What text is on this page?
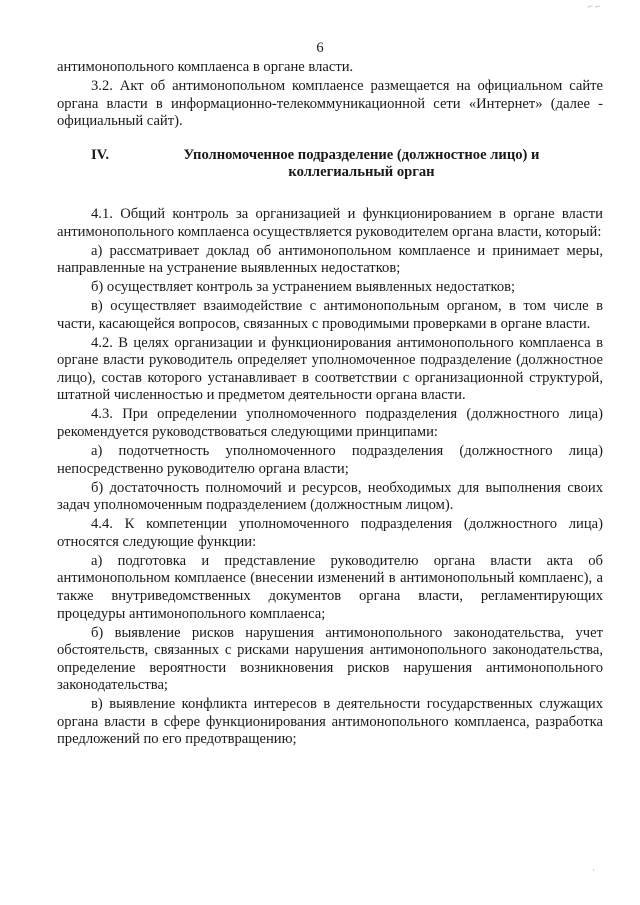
6

антимонопольного комплаенса в органе власти.

3.2. Акт об антимонопольном комплаенсе размещается на официальном сайте органа власти в информационно-телекоммуникационной сети «Интернет» (далее - официальный сайт).

IV.	Уполномоченное подразделение (должностное лицо) и коллегиальный орган

4.1. Общий контроль за организацией и функционированием в органе власти антимонопольного комплаенса осуществляется руководителем органа власти, который:

а) рассматривает доклад об антимонопольном комплаенсе и принимает меры, направленные на устранение выявленных недостатков;

б) осуществляет контроль за устранением выявленных недостатков;

в) осуществляет взаимодействие с антимонопольным органом, в том числе в части, касающейся вопросов, связанных с проводимыми проверками в органе власти.

4.2. В целях организации и функционирования антимонопольного комплаенса в органе власти руководитель определяет уполномоченное подразделение (должностное лицо), состав которого устанавливает в соответствии с организационной структурой, штатной численностью и предметом деятельности органа власти.

4.3. При определении уполномоченного подразделения (должностного лица) рекомендуется руководствоваться следующими принципами:

а) подотчетность уполномоченного подразделения (должностного лица) непосредственно руководителю органа власти;

б) достаточность полномочий и ресурсов, необходимых для выполнения своих задач уполномоченным подразделением (должностным лицом).

4.4. К компетенции уполномоченного подразделения (должностного лица) относятся следующие функции:

а) подготовка и представление руководителю органа власти акта об антимонопольном комплаенсе (внесении изменений в антимонопольный комплаенс), а также внутриведомственных документов органа власти, регламентирующих процедуры антимонопольного комплаенса;

б) выявление рисков нарушения антимонопольного законодательства, учет обстоятельств, связанных с рисками нарушения антимонопольного законодательства, определение вероятности возникновения рисков нарушения антимонопольного законодательства;

в) выявление конфликта интересов в деятельности государственных служащих органа власти в сфере функционирования антимонопольного комплаенса, разработка предложений по его предотвращению;

⌐ ⌐
·
